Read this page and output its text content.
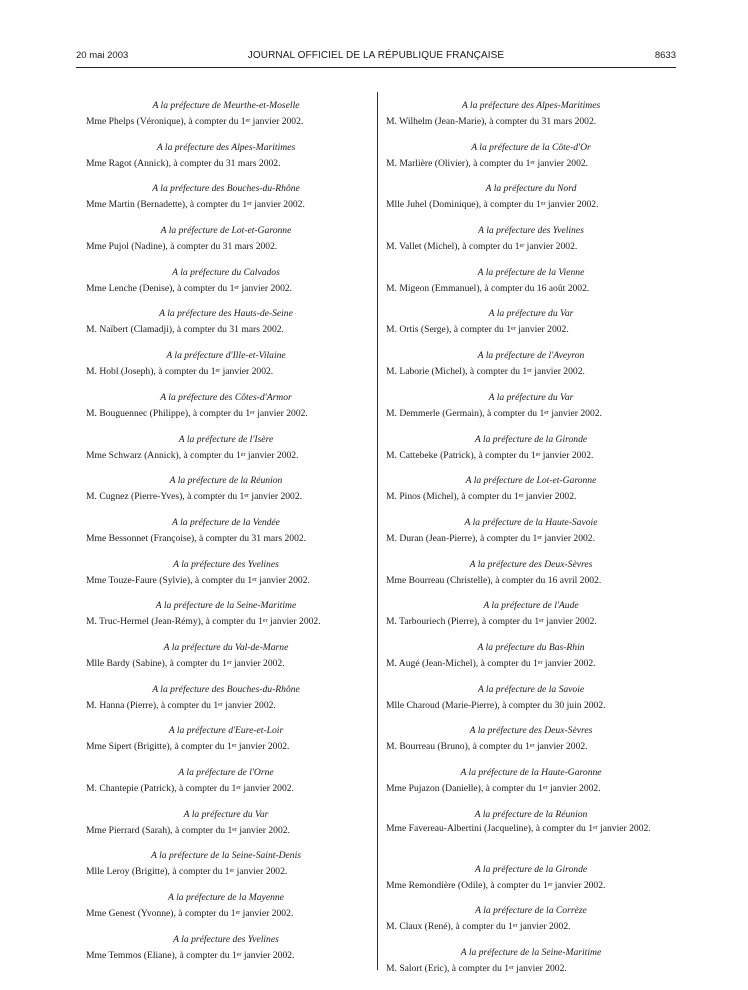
20 mai 2003	JOURNAL OFFICIEL DE LA RÉPUBLIQUE FRANÇAISE	8633
A la préfecture de Meurthe-et-Moselle
Mme Phelps (Véronique), à compter du 1er janvier 2002.
A la préfecture des Alpes-Maritimes
Mme Ragot (Annick), à compter du 31 mars 2002.
A la préfecture des Bouches-du-Rhône
Mme Martin (Bernadette), à compter du 1er janvier 2002.
A la préfecture de Lot-et-Garonne
Mme Pujol (Nadine), à compter du 31 mars 2002.
A la préfecture du Calvados
Mme Lenche (Denise), à compter du 1er janvier 2002.
A la préfecture des Hauts-de-Seine
M. Naïbert (Clamadji), à compter du 31 mars 2002.
A la préfecture d'Ille-et-Vilaine
M. Hobl (Joseph), à compter du 1er janvier 2002.
A la préfecture des Côtes-d'Armor
M. Bouguennec (Philippe), à compter du 1er janvier 2002.
A la préfecture de l'Isère
Mme Schwarz (Annick), à compter du 1er janvier 2002.
A la préfecture de la Réunion
M. Cugnez (Pierre-Yves), à compter du 1er janvier 2002.
A la préfecture de la Vendée
Mme Bessonnet (Françoise), à compter du 31 mars 2002.
A la préfecture des Yvelines
Mme Touze-Faure (Sylvie), à compter du 1er janvier 2002.
A la préfecture de la Seine-Maritime
M. Truc-Hermel (Jean-Rémy), à compter du 1er janvier 2002.
A la préfecture du Val-de-Marne
Mlle Bardy (Sabine), à compter du 1er janvier 2002.
A la préfecture des Bouches-du-Rhône
M. Hanna (Pierre), à compter du 1er janvier 2002.
A la préfecture d'Eure-et-Loir
Mme Sipert (Brigitte), à compter du 1er janvier 2002.
A la préfecture de l'Orne
M. Chantepie (Patrick), à compter du 1er janvier 2002.
A la préfecture du Var
Mme Pierrard (Sarah), à compter du 1er janvier 2002.
A la préfecture de la Seine-Saint-Denis
Mlle Leroy (Brigitte), à compter du 1er janvier 2002.
A la préfecture de la Mayenne
Mme Genest (Yvonne), à compter du 1er janvier 2002.
A la préfecture des Yvelines
Mme Temmos (Eliane), à compter du 1er janvier 2002.
A la préfecture des Alpes-Maritimes
M. Wilhelm (Jean-Marie), à compter du 31 mars 2002.
A la préfecture de la Côte-d'Or
M. Marlière (Olivier), à compter du 1er janvier 2002.
A la préfecture du Nord
Mlle Juhel (Dominique), à compter du 1er janvier 2002.
A la préfecture des Yvelines
M. Vallet (Michel), à compter du 1er janvier 2002.
A la préfecture de la Vienne
M. Migeon (Emmanuel), à compter du 16 août 2002.
A la préfecture du Var
M. Ortis (Serge), à compter du 1er janvier 2002.
A la préfecture de l'Aveyron
M. Laborie (Michel), à compter du 1er janvier 2002.
A la préfecture du Var
M. Demmerle (Germain), à compter du 1er janvier 2002.
A la préfecture de la Gironde
M. Cattebeke (Patrick), à compter du 1er janvier 2002.
A la préfecture de Lot-et-Garonne
M. Pinos (Michel), à compter du 1er janvier 2002.
A la préfecture de la Haute-Savoie
M. Duran (Jean-Pierre), à compter du 1er janvier 2002.
A la préfecture des Deux-Sèvres
Mme Bourreau (Christelle), à compter du 16 avril 2002.
A la préfecture de l'Aude
M. Tarbouriech (Pierre), à compter du 1er janvier 2002.
A la préfecture du Bas-Rhin
M. Augé (Jean-Michel), à compter du 1er janvier 2002.
A la préfecture de la Savoie
Mlle Charoud (Marie-Pierre), à compter du 30 juin 2002.
A la préfecture des Deux-Sèvres
M. Bourreau (Bruno), à compter du 1er janvier 2002.
A la préfecture de la Haute-Garonne
Mme Pujazon (Danielle), à compter du 1er janvier 2002.
A la préfecture de la Réunion
Mme Favereau-Albertini (Jacqueline), à compter du 1er janvier 2002.
A la préfecture de la Gironde
Mme Remondière (Odile), à compter du 1er janvier 2002.
A la préfecture de la Corrèze
M. Claux (René), à compter du 1er janvier 2002.
A la préfecture de la Seine-Maritime
M. Salort (Eric), à compter du 1er janvier 2002.
